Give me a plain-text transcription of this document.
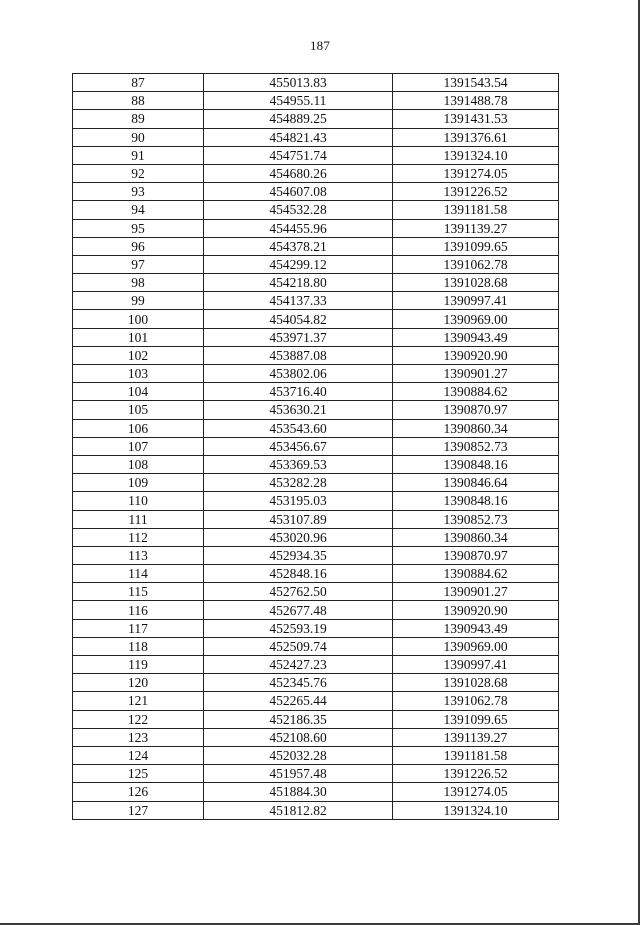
187
87	455013.83	1391543.54
88	454955.11	1391488.78
89	454889.25	1391431.53
90	454821.43	1391376.61
91	454751.74	1391324.10
92	454680.26	1391274.05
93	454607.08	1391226.52
94	454532.28	1391181.58
95	454455.96	1391139.27
96	454378.21	1391099.65
97	454299.12	1391062.78
98	454218.80	1391028.68
99	454137.33	1390997.41
100	454054.82	1390969.00
101	453971.37	1390943.49
102	453887.08	1390920.90
103	453802.06	1390901.27
104	453716.40	1390884.62
105	453630.21	1390870.97
106	453543.60	1390860.34
107	453456.67	1390852.73
108	453369.53	1390848.16
109	453282.28	1390846.64
110	453195.03	1390848.16
111	453107.89	1390852.73
112	453020.96	1390860.34
113	452934.35	1390870.97
114	452848.16	1390884.62
115	452762.50	1390901.27
116	452677.48	1390920.90
117	452593.19	1390943.49
118	452509.74	1390969.00
119	452427.23	1390997.41
120	452345.76	1391028.68
121	452265.44	1391062.78
122	452186.35	1391099.65
123	452108.60	1391139.27
124	452032.28	1391181.58
125	451957.48	1391226.52
126	451884.30	1391274.05
127	451812.82	1391324.10
